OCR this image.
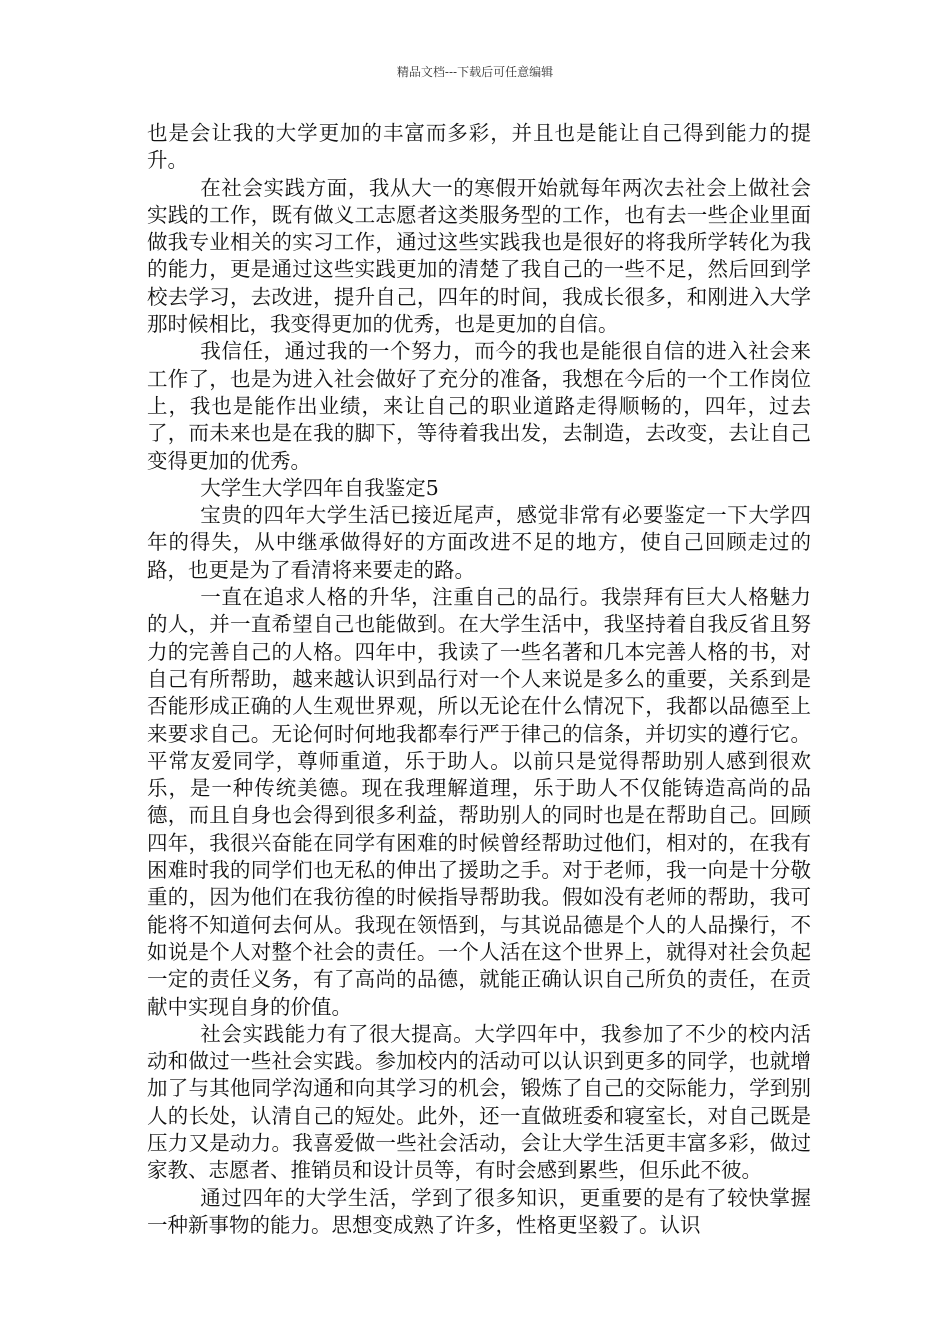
精品文档---下载后可任意编辑

也是会让我的大学更加的丰富而多彩，并且也是能让自己得到能力的提升。

在社会实践方面，我从大一的寒假开始就每年两次去社会上做社会实践的工作，既有做义工志愿者这类服务型的工作，也有去一些企业里面做我专业相关的实习工作，通过这些实践我也是很好的将我所学转化为我的能力，更是通过这些实践更加的清楚了我自己的一些不足，然后回到学校去学习，去改进，提升自己，四年的时间，我成长很多，和刚进入大学那时候相比，我变得更加的优秀，也是更加的自信。

我信任，通过我的一个努力，而今的我也是能很自信的进入社会来工作了，也是为进入社会做好了充分的准备，我想在今后的一个工作岗位上，我也是能作出业绩，来让自己的职业道路走得顺畅的，四年，过去了，而未来也是在我的脚下，等待着我出发，去制造，去改变，去让自己变得更加的优秀。

大学生大学四年自我鉴定5

宝贵的四年大学生活已接近尾声，感觉非常有必要鉴定一下大学四年的得失，从中继承做得好的方面改进不足的地方，使自己回顾走过的路，也更是为了看清将来要走的路。

一直在追求人格的升华，注重自己的品行。我崇拜有巨大人格魅力的人，并一直希望自己也能做到。在大学生活中，我坚持着自我反省且努力的完善自己的人格。四年中，我读了一些名著和几本完善人格的书，对自己有所帮助，越来越认识到品行对一个人来说是多么的重要，关系到是否能形成正确的人生观世界观，所以无论在什么情况下，我都以品德至上来要求自己。无论何时何地我都奉行严于律己的信条，并切实的遵行它。平常友爱同学，尊师重道，乐于助人。以前只是觉得帮助别人感到很欢乐，是一种传统美德。现在我理解道理，乐于助人不仅能铸造高尚的品德，而且自身也会得到很多利益，帮助别人的同时也是在帮助自己。回顾四年，我很兴奋能在同学有困难的时候曾经帮助过他们，相对的，在我有困难时我的同学们也无私的伸出了援助之手。对于老师，我一向是十分敬重的，因为他们在我彷徨的时候指导帮助我。假如没有老师的帮助，我可能将不知道何去何从。我现在领悟到，与其说品德是个人的人品操行，不如说是个人对整个社会的责任。一个人活在这个世界上，就得对社会负起一定的责任义务，有了高尚的品德，就能正确认识自己所负的责任，在贡献中实现自身的价值。

社会实践能力有了很大提高。大学四年中，我参加了不少的校内活动和做过一些社会实践。参加校内的活动可以认识到更多的同学，也就增加了与其他同学沟通和向其学习的机会，锻炼了自己的交际能力，学到别人的长处，认清自己的短处。此外，还一直做班委和寝室长，对自己既是压力又是动力。我喜爱做一些社会活动，会让大学生活更丰富多彩，做过家教、志愿者、推销员和设计员等，有时会感到累些，但乐此不彼。

通过四年的大学生活，学到了很多知识，更重要的是有了较快掌握一种新事物的能力。思想变成熟了许多，性格更坚毅了。认识
